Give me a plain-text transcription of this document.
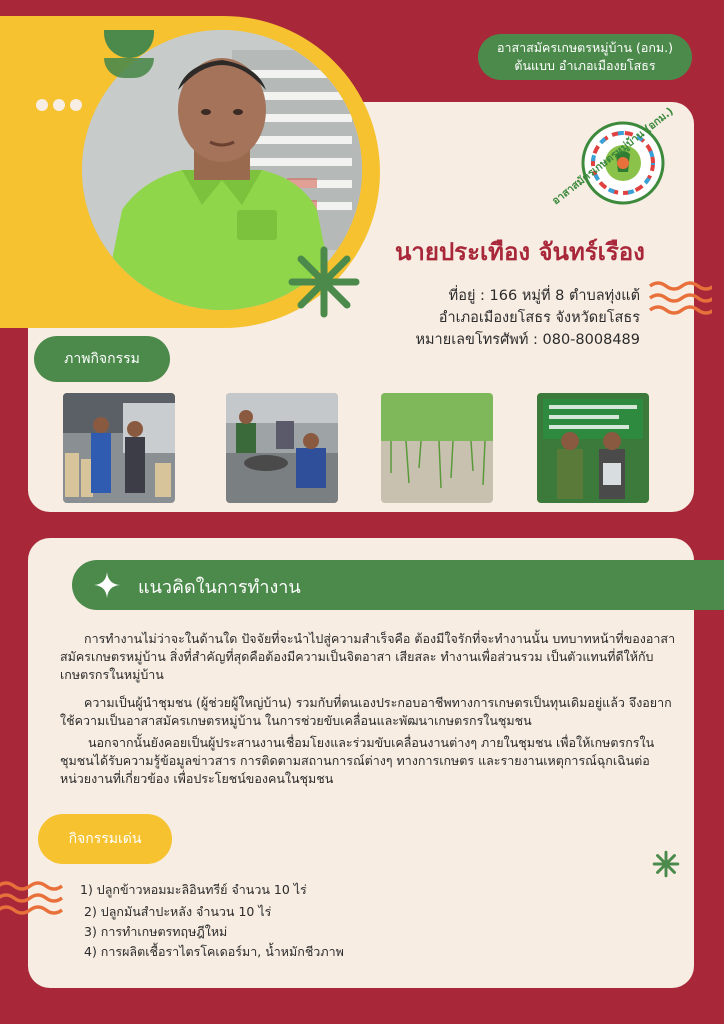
อาสาสมัครเกษตรหมู่บ้าน (อกม.)
ต้นแบบ อำเภอเมืองยโสธร
อาสาสมัครเกษตรหมู่บ้าน (อกม.)
นายประเทือง จันทร์เรือง
ที่อยู่ : 166 หมู่ที่ 8 ตำบลทุ่งแต้
อำเภอเมืองยโสธร จังหวัดยโสธร
หมายเลขโทรศัพท์ : 080-8008489
ภาพกิจกรรม
แนวคิดในการทำงาน
การทำงานไม่ว่าจะในด้านใด ปัจจัยที่จะนำไปสู่ความสำเร็จคือ ต้องมีใจรักที่จะทำงานนั้น บทบาทหน้าที่ของอาสาสมัครเกษตรหมู่บ้าน สิ่งที่สำคัญที่สุดคือต้องมีความเป็นจิตอาสา เสียสละ ทำงานเพื่อส่วนรวม เป็นตัวแทนที่ดีให้กับเกษตรกรในหมู่บ้าน
ความเป็นผู้นำชุมชน (ผู้ช่วยผู้ใหญ่บ้าน) รวมกับที่ตนเองประกอบอาชีพทางการเกษตรเป็นทุนเดิมอยู่แล้ว จึงอยากใช้ความเป็นอาสาสมัครเกษตรหมู่บ้าน ในการช่วยขับเคลื่อนและพัฒนาเกษตรกรในชุมชน
นอกจากนั้นยังคอยเป็นผู้ประสานงานเชื่อมโยงและร่วมขับเคลื่อนงานต่างๆ ภายในชุมชน เพื่อให้เกษตรกรในชุมชนได้รับความรู้ข้อมูลข่าวสาร การติดตามสถานการณ์ต่างๆ ทางการเกษตร และรายงานเหตุการณ์ฉุกเฉินต่อหน่วยงานที่เกี่ยวข้อง เพื่อประโยชน์ของคนในชุมชน
กิจกรรมเด่น
1) ปลูกข้าวหอมมะลิอินทรีย์ จำนวน 10 ไร่
2) ปลูกมันสำปะหลัง จำนวน 10 ไร่
3) การทำเกษตรทฤษฎีใหม่
4) การผลิตเชื้อราไตรโคเดอร์มา, น้ำหมักชีวภาพ
